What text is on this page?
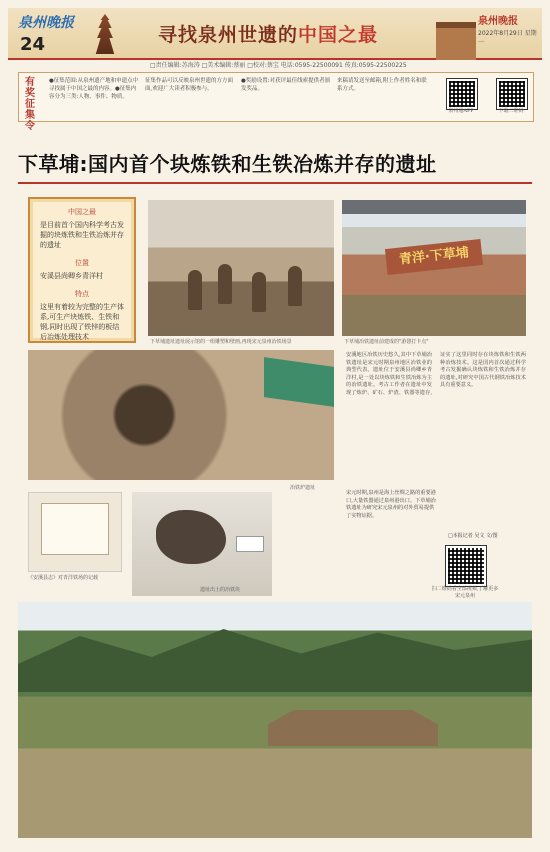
泉州晚报
24	寻找泉州世遗的中国之最
泉州晚报
2022年8月29日 星期一
□责任编辑:苏海涛 □美术编辑:蔡丽 □校对:蔡宝 电话:0595-22500091 传真:0595-22500225
有奖征集令
●征集范围:从泉州遗产地和申遗点中寻找属于中国之最的内容。●征集内容分为三类:人物、事件、物质。
征集作品可以反映泉州世遗的方方面面,欢迎广大读者积极参与。
●奖励设置:对获评最佳线索提供者颁发奖品。
来稿请发送至邮箱,附上作者姓名和联系方式。
泉州通APP	下载二维码
下草埔:国内首个块炼铁和生铁冶炼并存的遗址
中国之最
是目前首个国内科学考古发掘的块炼铁和生铁冶炼并存的遗址
位置
安溪县尚卿乡青洋村
特点
这里有着较为完整的生产体系,可生产块炼铁、生铁和钢,同时出现了铁锌的板结后冶炼处理技术
下草埔遗址遗址展示馆的一组雕塑和壁画,再现宋元泉州冶铁场景
青洋·下草埔
下草埔冶铁遗址前建成的"游憩打卡点"
冶铁炉遗址
《安溪县志》对青洋铁场的记载
遗址出土的冶铁块
安溪地区冶铁历史悠久,其中下草埔冶铁遗址是宋元时期泉州地区冶铁业的典型代表。遗址位于安溪县尚卿乡青洋村,是一处以块炼铁和生铁冶炼为主的冶铁遗址。考古工作者在遗址中发现了炼炉、矿石、炉渣、铁器等遗存,证实了这里同时存在块炼铁和生铁两种冶炼技术。这是国内首次通过科学考古发掘确认块炼铁和生铁冶炼并存的遗址,对研究中国古代钢铁冶炼技术具有重要意义。
宋元时期,泉州是海上丝绸之路的重要港口,大量铁器通过泉州港出口。下草埔冶铁遗址为研究宋元泉州的对外贸易提供了实物证据。
□本报记者 吴文 文/图
扫二维码看全部视频,了解更多宋元泉州
